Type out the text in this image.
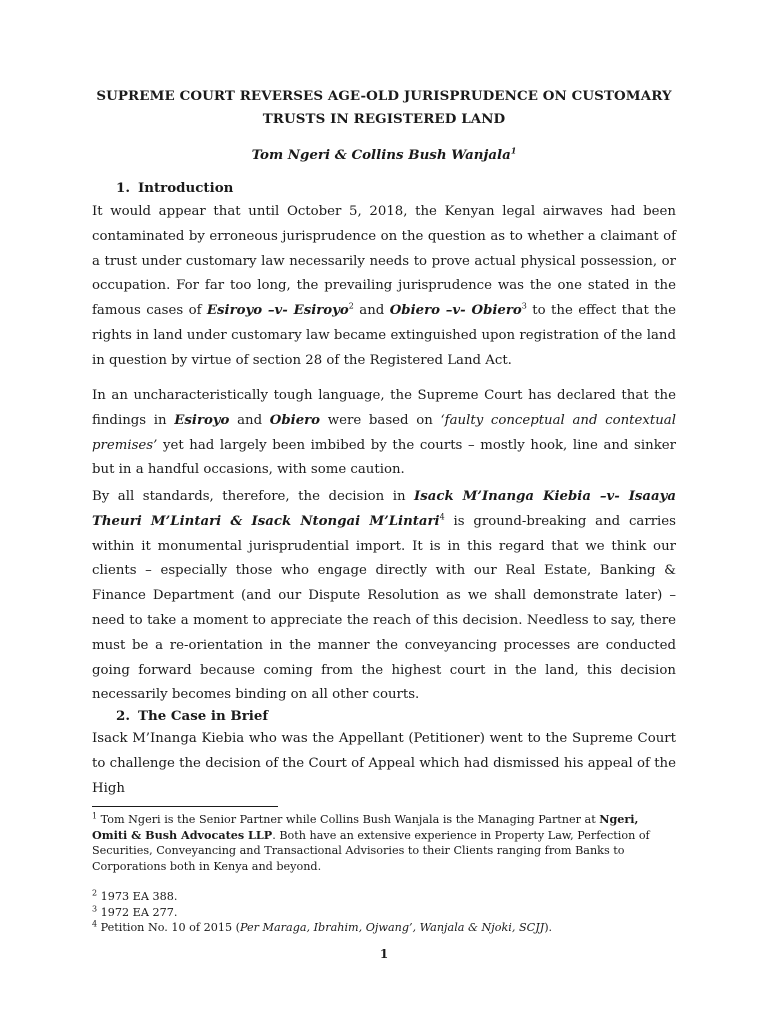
SUPREME COURT REVERSES AGE-OLD JURISPRUDENCE ON CUSTOMARY

TRUSTS IN REGISTERED LAND

Tom Ngeri & Collins Bush Wanjala$^1$

1. Introduction

It would appear that until October 5, 2018, the Kenyan legal airwaves had been contaminated by erroneous jurisprudence on the question as to whether a claimant of a trust under customary law necessarily needs to prove actual physical possession, or occupation. For far too long, the prevailing jurisprudence was the one stated in the famous cases of Esiroyo –v- Esiroyo$^2$ and Obiero –v- Obiero$^3$ to the effect that the rights in land under customary law became extinguished upon registration of the land in question by virtue of section 28 of the Registered Land Act.

In an uncharacteristically tough language, the Supreme Court has declared that the findings in Esiroyo and Obiero were based on ‘faulty conceptual and contextual premises’ yet had largely been imbibed by the courts – mostly hook, line and sinker but in a handful occasions, with some caution.

By all standards, therefore, the decision in Isack M’Inanga Kiebia –v- Isaaya Theuri M’Lintari & Isack Ntongai M’Lintari$^4$ is ground-breaking and carries within it monumental jurisprudential import. It is in this regard that we think our clients – especially those who engage directly with our Real Estate, Banking & Finance Department (and our Dispute Resolution as we shall demonstrate later) – need to take a moment to appreciate the reach of this decision. Needless to say, there must be a re-orientation in the manner the conveyancing processes are conducted going forward because coming from the highest court in the land, this decision necessarily becomes binding on all other courts.

2. The Case in Brief

Isack M’Inanga Kiebia who was the Appellant (Petitioner) went to the Supreme Court to challenge the decision of the Court of Appeal which had dismissed his appeal of the High

$^1$ Tom Ngeri is the Senior Partner while Collins Bush Wanjala is the Managing Partner at Ngeri, Omiti & Bush Advocates LLP. Both have an extensive experience in Property Law, Perfection of Securities, Conveyancing and Transactional Advisories to their Clients ranging from Banks to Corporations both in Kenya and beyond.

$^2$ 1973 EA 388.

$^3$ 1972 EA 277.

$^4$ Petition No. 10 of 2015 (Per Maraga, Ibrahim, Ojwang’, Wanjala & Njoki, SCJJ).

1
